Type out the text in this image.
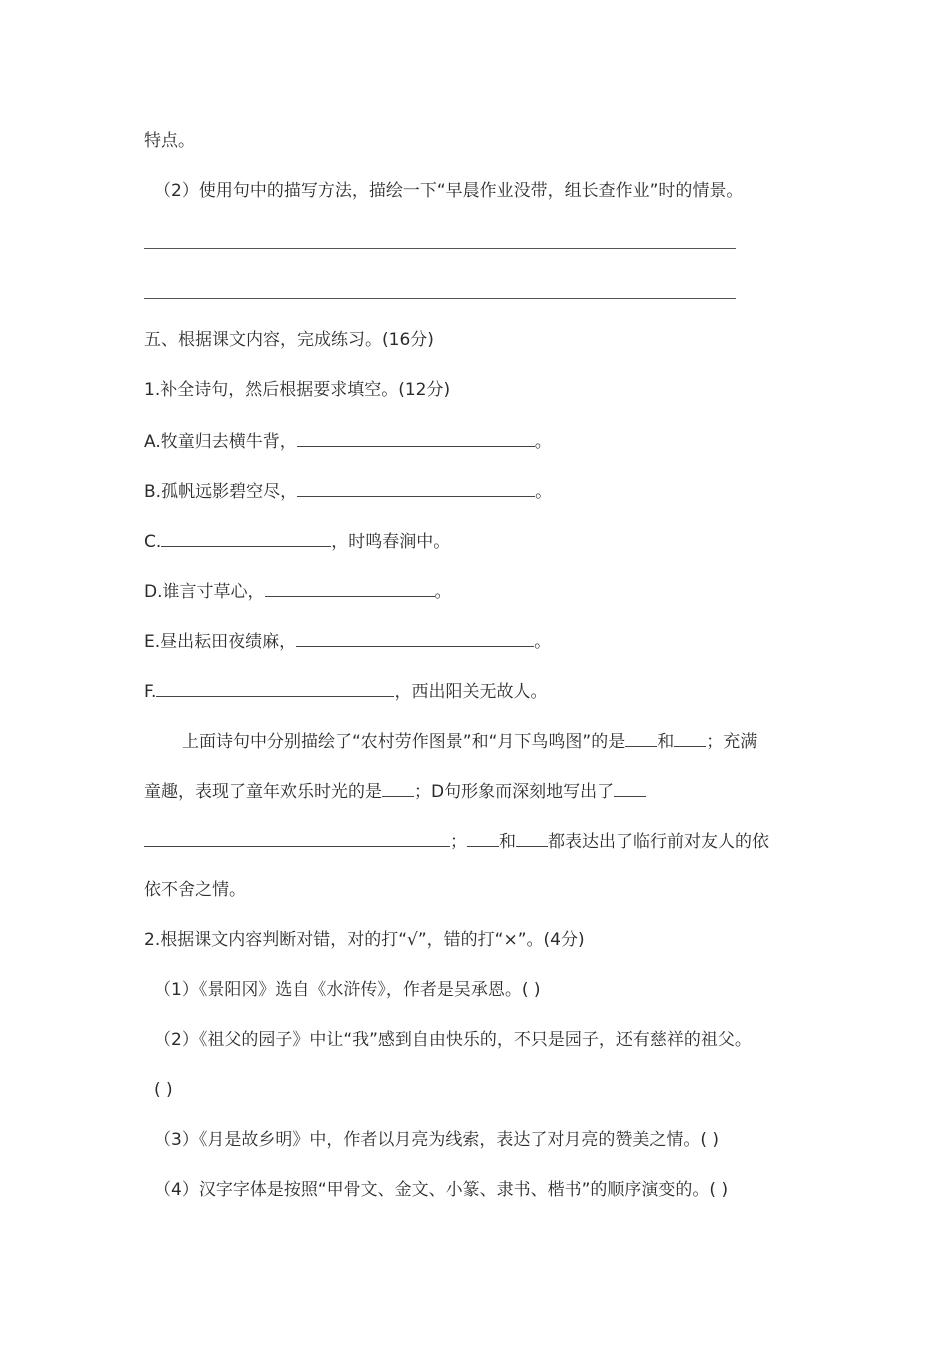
特点。
（2）使用句中的描写方法，描绘一下“早晨作业没带，组长查作业”时的情景。
五、根据课文内容，完成练习。(16分)
1.补全诗句，然后根据要求填空。(12分)
A.牧童归去横牛背，	。
B.孤帆远影碧空尽，	。
C.	，时鸣春涧中。
D.谁言寸草心，	。
E.昼出耘田夜绩麻，	。
F.	，西出阳关无故人。
上面诗句中分别描绘了“农村劳作图景”和“月下鸟鸣图”的是 和 ；充满
童趣，表现了童年欢乐时光的是 ；D句形象而深刻地写出了
； 和 都表达出了临行前对友人的依
依不舍之情。
2.根据课文内容判断对错，对的打“√”，错的打“×”。(4分)
（1）《景阳冈》选自《水浒传》，作者是吴承恩。( )
（2）《祖父的园子》中让“我”感到自由快乐的，不只是园子，还有慈祥的祖父。
( )
（3）《月是故乡明》中，作者以月亮为线索，表达了对月亮的赞美之情。( )
（4）汉字字体是按照“甲骨文、金文、小篆、隶书、楷书”的顺序演变的。( )
